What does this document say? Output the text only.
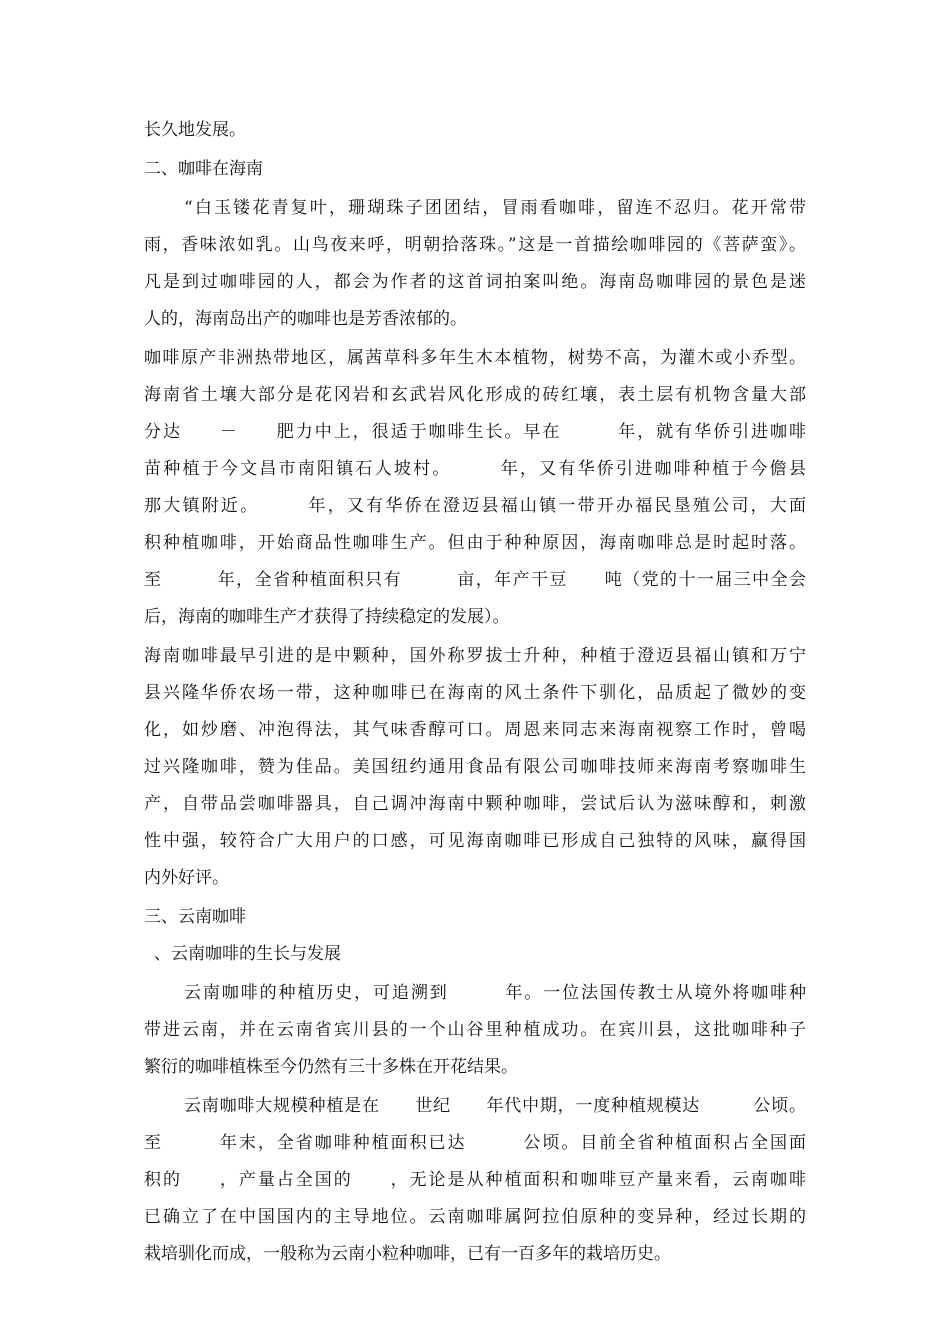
长久地发展。
二、咖啡在海南
“白玉镂花青复叶，珊瑚珠子团团结，冒雨看咖啡，留连不忍归。花开常带
雨，香味浓如乳。山鸟夜来呼，明朝拾落珠。”这是一首描绘咖啡园的《菩萨蛮》。
凡是到过咖啡园的人，都会为作者的这首词拍案叫绝。海南岛咖啡园的景色是迷
人的，海南岛出产的咖啡也是芳香浓郁的。
咖啡原产非洲热带地区，属茜草科多年生木本植物，树势不高，为灌木或小乔型。
海南省土壤大部分是花冈岩和玄武岩风化形成的砖红壤，表土层有机物含量大部
分达　　－　　肥力中上，很适于咖啡生长。早在　　　年，就有华侨引进咖啡
苗种植于今文昌市南阳镇石人坡村。　　　年，又有华侨引进咖啡种植于今儋县
那大镇附近。　　　年，又有华侨在澄迈县福山镇一带开办福民垦殖公司，大面
积种植咖啡，开始商品性咖啡生产。但由于种种原因，海南咖啡总是时起时落。
至　　　年，全省种植面积只有　　　亩，年产干豆　　吨（党的十一届三中全会
后，海南的咖啡生产才获得了持续稳定的发展）。
海南咖啡最早引进的是中颗种，国外称罗拔士升种，种植于澄迈县福山镇和万宁
县兴隆华侨农场一带，这种咖啡已在海南的风土条件下驯化，品质起了微妙的变
化，如炒磨、冲泡得法，其气味香醇可口。周恩来同志来海南视察工作时，曾喝
过兴隆咖啡，赞为佳品。美国纽约通用食品有限公司咖啡技师来海南考察咖啡生
产，自带品尝咖啡器具，自己调冲海南中颗种咖啡，尝试后认为滋味醇和，刺激
性中强，较符合广大用户的口感，可见海南咖啡已形成自己独特的风味，赢得国
内外好评。
三、云南咖啡
、云南咖啡的生长与发展
云南咖啡的种植历史，可追溯到　　　年。一位法国传教士从境外将咖啡种
带进云南，并在云南省宾川县的一个山谷里种植成功。在宾川县，这批咖啡种子
繁衍的咖啡植株至今仍然有三十多株在开花结果。
云南咖啡大规模种植是在　　世纪　　年代中期，一度种植规模达　　　公顷。
至　　　年末，全省咖啡种植面积已达　　　公顷。目前全省种植面积占全国面
积的　　，产量占全国的　　，无论是从种植面积和咖啡豆产量来看，云南咖啡
已确立了在中国国内的主导地位。云南咖啡属阿拉伯原种的变异种，经过长期的
栽培驯化而成，一般称为云南小粒种咖啡，已有一百多年的栽培历史。
